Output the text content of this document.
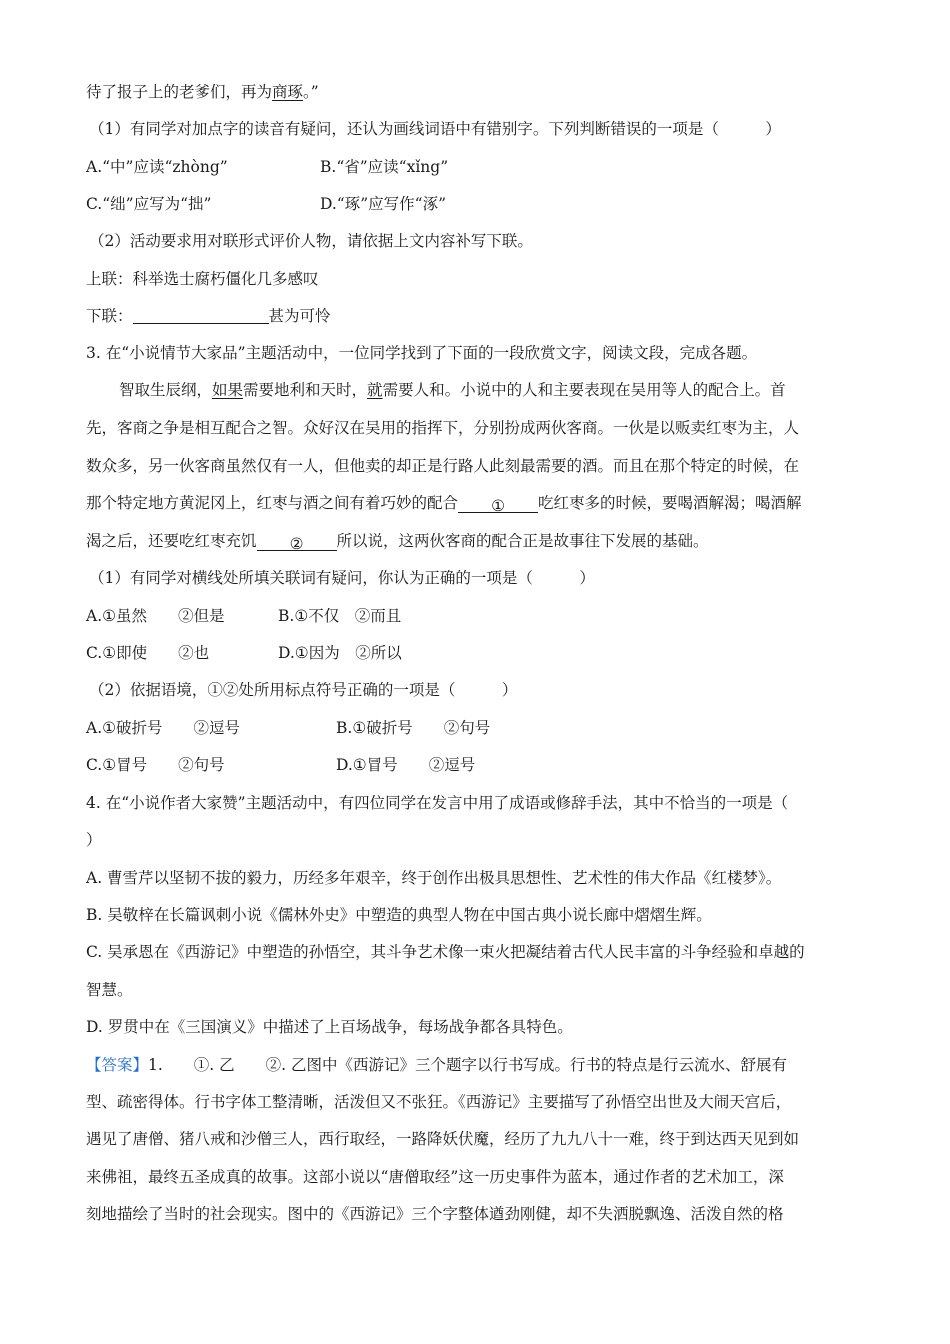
待了报子上的老爹们，再为商琢。”
（1）有同学对加点字的读音有疑问，还认为画线词语中有错别字。下列判断错误的一项是（　　　）
A.“中”应读“zhòng”	B.“省”应读“xǐng”
C.“绌”应写为“拙”	D.“琢”应写作“涿”
（2）活动要求用对联形式评价人物，请依据上文内容补写下联。
上联：科举选士腐朽僵化几多感叹
下联：	甚为可怜
3. 在“小说情节大家品”主题活动中，一位同学找到了下面的一段欣赏文字，阅读文段，完成各题。
智取生辰纲，如果需要地利和天时，就需要人和。小说中的人和主要表现在吴用等人的配合上。首
先，客商之争是相互配合之智。众好汉在吴用的指挥下，分别扮成两伙客商。一伙是以贩卖红枣为主，人
数众多，另一伙客商虽然仅有一人，但他卖的却正是行路人此刻最需要的酒。而且在那个特定的时候，在
那个特定地方黄泥冈上，红枣与酒之间有着巧妙的配合 ① 吃红枣多的时候，要喝酒解渴；喝酒解
渴之后，还要吃红枣充饥 ② 所以说，这两伙客商的配合正是故事往下发展的基础。
（1）有同学对横线处所填关联词有疑问，你认为正确的一项是（　　　）
A.①虽然　　②但是	B.①不仅　②而且
C.①即使　　②也	D.①因为　②所以
（2）依据语境，①②处所用标点符号正确的一项是（　　　）
A.①破折号　　②逗号	B.①破折号　　②句号
C.①冒号　　②句号	D.①冒号　　②逗号
4. 在“小说作者大家赞”主题活动中，有四位同学在发言中用了成语或修辞手法，其中不恰当的一项是（
）
A. 曹雪芹以坚韧不拔的毅力，历经多年艰辛，终于创作出极具思想性、艺术性的伟大作品《红楼梦》。
B. 吴敬梓在长篇讽刺小说《儒林外史》中塑造的典型人物在中国古典小说长廊中熠熠生辉。
C. 吴承恩在《西游记》中塑造的孙悟空，其斗争艺术像一束火把凝结着古代人民丰富的斗争经验和卓越的
智慧。
D. 罗贯中在《三国演义》中描述了上百场战争，每场战争都各具特色。
【答案】1.　　①. 乙　　②. 乙图中《西游记》三个题字以行书写成。行书的特点是行云流水、舒展有
型、疏密得体。行书字体工整清晰，活泼但又不张狂。《西游记》主要描写了孙悟空出世及大闹天宫后，
遇见了唐僧、猪八戒和沙僧三人，西行取经，一路降妖伏魔，经历了九九八十一难，终于到达西天见到如
来佛祖，最终五圣成真的故事。这部小说以“唐僧取经”这一历史事件为蓝本，通过作者的艺术加工，深
刻地描绘了当时的社会现实。图中的《西游记》三个字整体遒劲刚健，却不失洒脱飘逸、活泼自然的格
